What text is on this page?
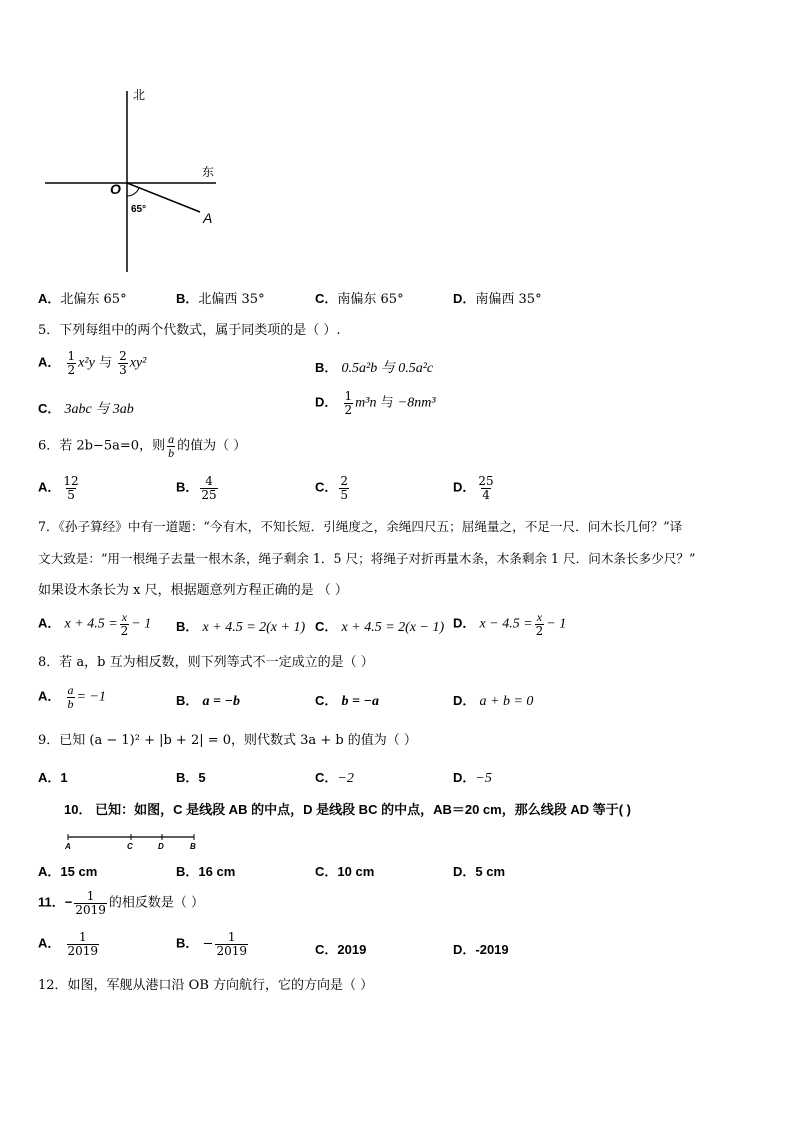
北
东
O
65°
A
A．北偏东 65°	B．北偏西 35°	C．南偏东 65°	D．南偏西 35°
5．下列每组中的两个代数式，属于同类项的是（ ）.
A． $\frac{1}{2} x^2y$ 与 $\frac{2}{3} xy^2$	B． 0.5a²b 与 0.5a²c
C． 3abc 与 3ab	D． $\frac{1}{2} m^3n$ 与 −8nm³
6．若 2b−5a=0，则 $\frac{a}{b}$ 的值为（ ）
A． $\frac{12}{5}$	B． $\frac{4}{25}$	C． $\frac{2}{5}$	D． $\frac{25}{4}$
7．《孙子算经》中有一道题：“今有木，不知长短．引绳度之，余绳四尺五；屈绳量之，不足一尺．问木长几何？”译
文大致是：“用一根绳子去量一根木条，绳子剩余 1．5 尺；将绳子对折再量木条，木条剩余 1 尺．问木条长多少尺？”
如果设木条长为 x 尺，根据题意列方程正确的是 （ ）
A． $x + 4.5 = \frac{x}{2} - 1$ B． x + 4.5 = 2(x + 1) C． x + 4.5 = 2(x − 1) D． $x - 4.5 = \frac{x}{2} - 1$
8．若 a，b 互为相反数，则下列等式不一定成立的是（ ）
A． $\frac{a}{b} = -1$	B． a = −b	C． b = −a	D． a + b = 0
9．已知 (a − 1)² + |b + 2| = 0，则代数式 3a + b 的值为（ ）
A．1	B．5	C．−2	D．−5
10． 已知：如图，C 是线段 AB 的中点，D 是线段 BC 的中点，AB＝20 cm，那么线段 AD 等于( )
A	C	D	B
A．15 cm	B．16 cm	C．10 cm	D．5 cm
11．− $\frac{1}{2019}$ 的相反数是（ ）
A． $\frac{1}{2019}$	B． − $\frac{1}{2019}$	C．2019	D．-2019
12．如图，军舰从港口沿 OB 方向航行，它的方向是（ ）
